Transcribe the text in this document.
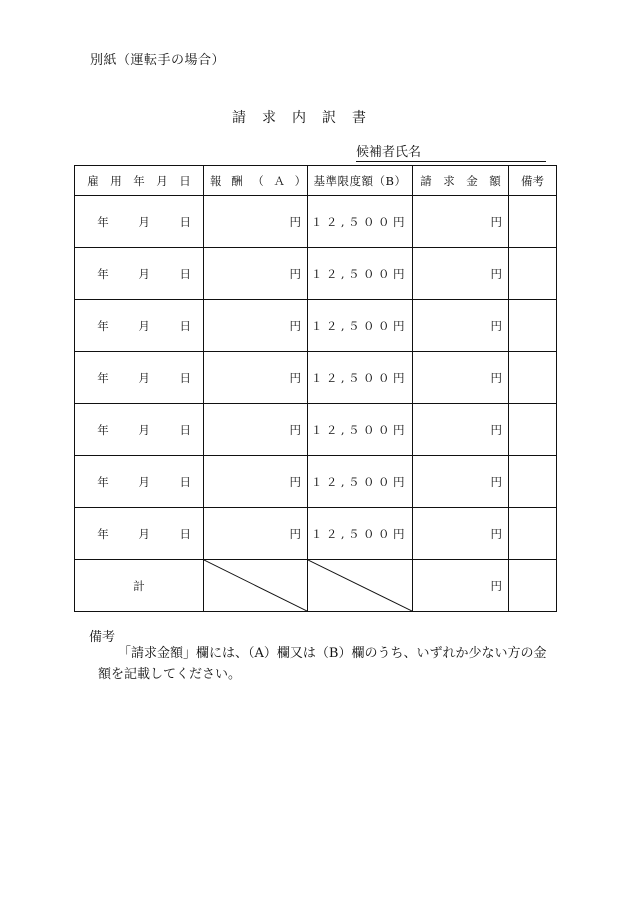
別紙（運転手の場合）
請　求　内　訳　書
候補者氏名
雇　用　年　月　日	報 酬 （ Ａ ）	基準限度額（B）	請　求　金　額	備考
年 月 日	円	１２,５００円	円	
年 月 日	円	１２,５００円	円	
年 月 日	円	１２,５００円	円	
年 月 日	円	１２,５００円	円	
年 月 日	円	１２,５００円	円	
年 月 日	円	１２,５００円	円	
年 月 日	円	１２,５００円	円	
計			円	
備考
「請求金額」欄には、（A）欄又は（B）欄のうち、いずれか少ない方の金額を記載してください。
